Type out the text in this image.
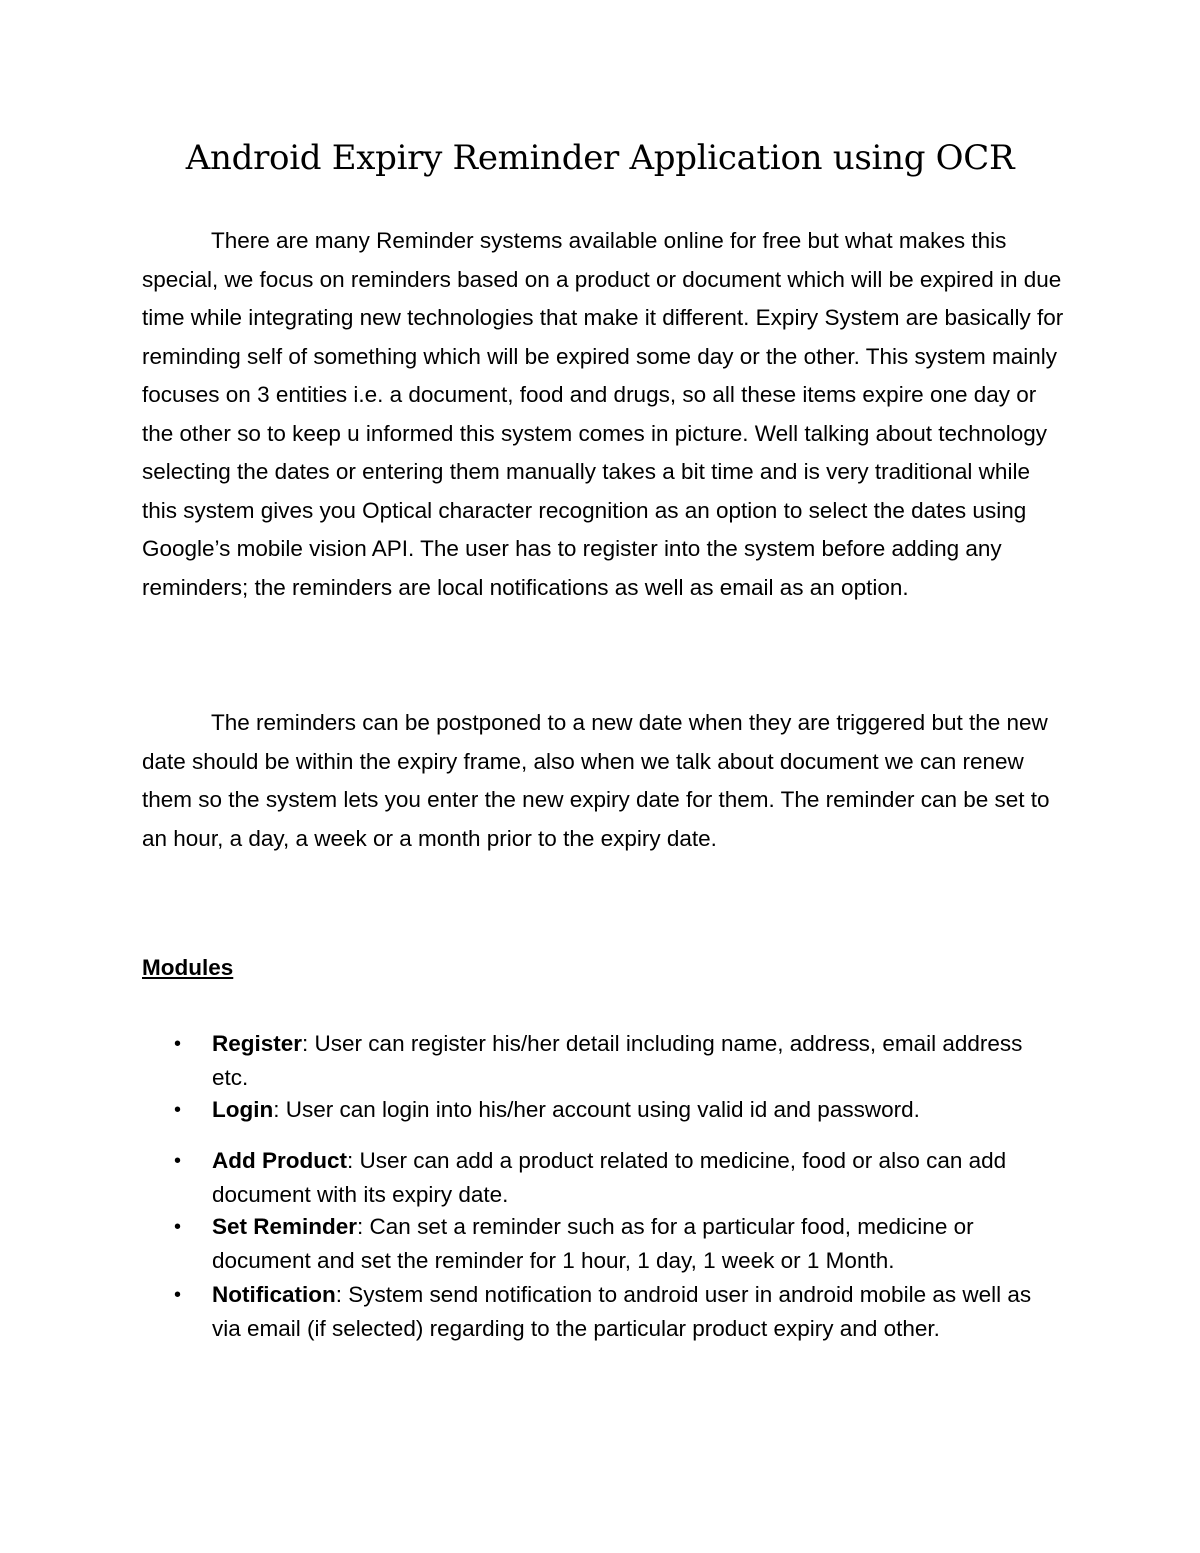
Android Expiry Reminder Application using OCR

There are many Reminder systems available online for free but what makes this special, we focus on reminders based on a product or document which will be expired in due time while integrating new technologies that make it different. Expiry System are basically for reminding self of something which will be expired some day or the other. This system mainly focuses on 3 entities i.e. a document, food and drugs, so all these items expire one day or the other so to keep u informed this system comes in picture. Well talking about technology selecting the dates or entering them manually takes a bit time and is very traditional while this system gives you Optical character recognition as an option to select the dates using Google’s mobile vision API. The user has to register into the system before adding any reminders; the reminders are local notifications as well as email as an option.

The reminders can be postponed to a new date when they are triggered but the new date should be within the expiry frame, also when we talk about document we can renew them so the system lets you enter the new expiry date for them. The reminder can be set to an hour, a day, a week or a month prior to the expiry date.

Modules

• Register: User can register his/her detail including name, address, email address etc.
• Login: User can login into his/her account using valid id and password.
• Add Product: User can add a product related to medicine, food or also can add document with its expiry date.
• Set Reminder: Can set a reminder such as for a particular food, medicine or document and set the reminder for 1 hour, 1 day, 1 week or 1 Month.
• Notification: System send notification to android user in android mobile as well as via email (if selected) regarding to the particular product expiry and other.
